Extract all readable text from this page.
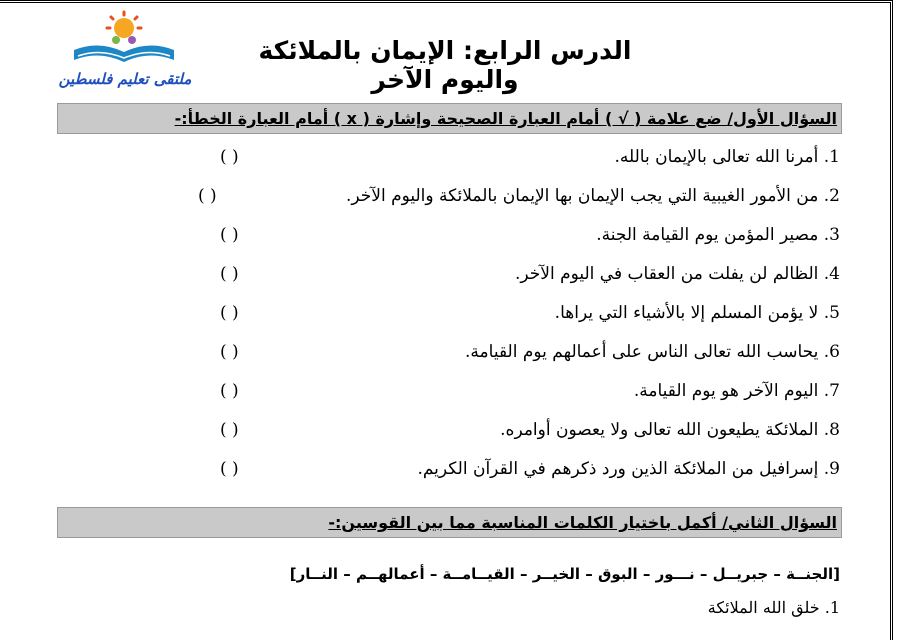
ملتقى تعليم فلسطين
الدرس الرابع: الإيمان بالملائكة واليوم الآخر
السؤال الأول/ ضع علامة ( √ ) أمام العبارة الصحيحة وإشارة ( x ) أمام العبارة الخطأ:-
1. أمرنا الله تعالى بالإيمان بالله.
( )
2. من الأمور الغيبية التي يجب الإيمان بها الإيمان بالملائكة واليوم الآخر.
( )
3. مصير المؤمن يوم القيامة الجنة.
( )
4. الظالم لن يفلت من العقاب في اليوم الآخر.
( )
5. لا يؤمن المسلم إلا بالأشياء التي يراها.
( )
6. يحاسب الله تعالى الناس على أعمالهم يوم القيامة.
( )
7. اليوم الآخر هو يوم القيامة.
( )
8. الملائكة يطيعون الله تعالى ولا يعصون أوامره.
( )
9. إسرافيل من الملائكة الذين ورد ذكرهم في القرآن الكريم.
( )
السؤال الثاني/ أكمل باختيار الكلمات المناسبة مما بين القوسين:-
[الجنــة – جبريــل – نـــور – البوق – الخيــر – القيــامــة – أعمالهــم – النــار]
1. خلق الله الملائكة
